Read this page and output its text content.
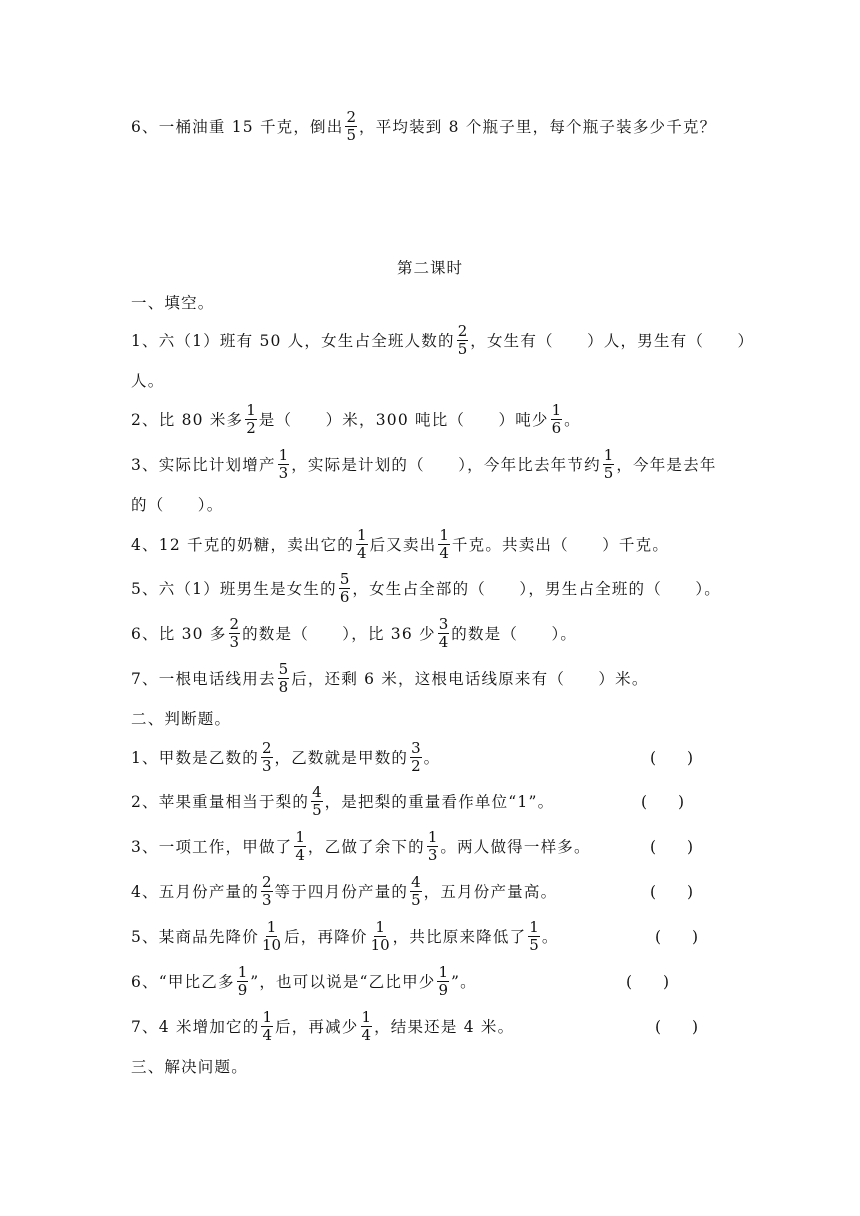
6、一桶油重 15 千克，倒出 $\frac{2}{5}$ ，平均装到 8 个瓶子里，每个瓶子装多少千克？
第二课时
一、填空。
1、六（1）班有 50 人，女生占全班人数的 $\frac{2}{5}$ ，女生有（　　）人，男生有（　　）
人。
2、比 80 米多 $\frac{1}{2}$ 是（　　）米，300 吨比（　　）吨少 $\frac{1}{6}$ 。
3、实际比计划增产 $\frac{1}{3}$ ，实际是计划的（　　），今年比去年节约 $\frac{1}{5}$ ，今年是去年
的（　　）。
4、12 千克的奶糖，卖出它的 $\frac{1}{4}$ 后又卖出 $\frac{1}{4}$ 千克。共卖出（　　）千克。
5、六（1）班男生是女生的 $\frac{5}{6}$ ，女生占全部的（　　），男生占全班的（　　）。
6、比 30 多 $\frac{2}{3}$ 的数是（　　），比 36 少 $\frac{3}{4}$ 的数是（　　）。
7、一根电话线用去 $\frac{5}{8}$ 后，还剩 6 米，这根电话线原来有（　　）米。
二、判断题。
1、甲数是乙数的 $\frac{2}{3}$ ，乙数就是甲数的 $\frac{3}{2}$ 。	(　　)
2、苹果重量相当于梨的 $\frac{4}{5}$ ，是把梨的重量看作单位“1”。	(　　)
3、一项工作，甲做了 $\frac{1}{4}$ ，乙做了余下的 $\frac{1}{3}$ 。两人做得一样多。	(　　)
4、五月份产量的 $\frac{2}{3}$ 等于四月份产量的 $\frac{4}{5}$ ，五月份产量高。	(　　)
5、某商品先降价 $\frac{1}{10}$ 后，再降价 $\frac{1}{10}$ ，共比原来降低了 $\frac{1}{5}$ 。	(　　)
6、“甲比乙多 $\frac{1}{9}$ ”，也可以说是“乙比甲少 $\frac{1}{9}$ ”。	(　　)
7、4 米增加它的 $\frac{1}{4}$ 后，再减少 $\frac{1}{4}$ ，结果还是 4 米。	(　　)
三、解决问题。
